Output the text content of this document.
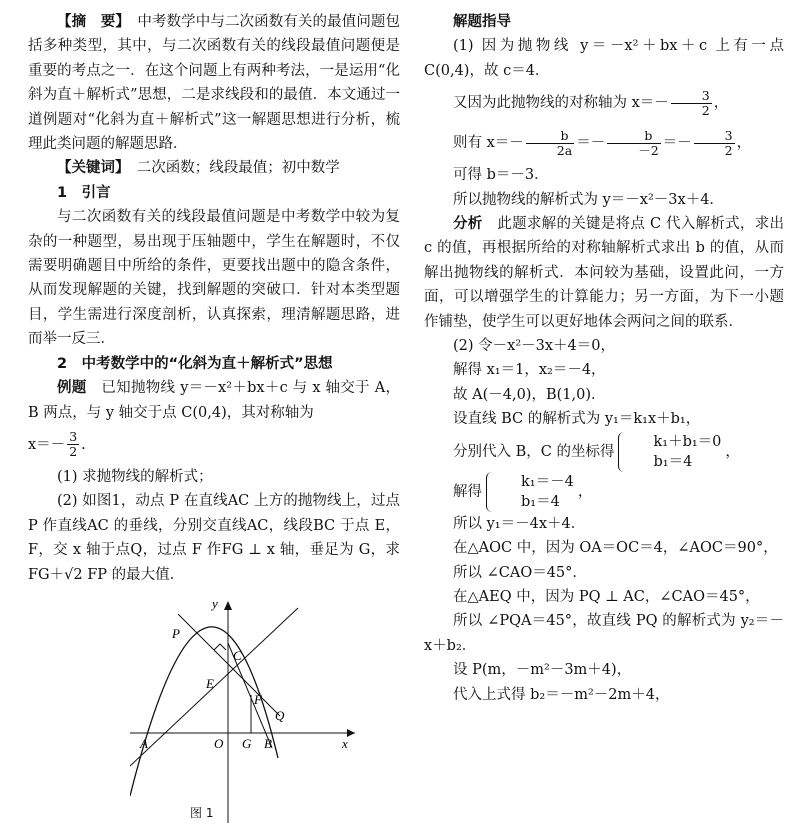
【摘　要】　 中考数学中与二次函数有关的最值问题包括多种类型，其中，与二次函数有关的线段最值问题便是重要的考点之一．在这个问题上有两种考法，一是运用“化斜为直＋解析式”思想，二是求线段和的最值．本文通过一道例题对“化斜为直＋解析式”这一解题思想进行分析，梳理此类问题的解题思路．

【关键词】　 二次函数；线段最值；初中数学

1　引言

与二次函数有关的线段最值问题是中考数学中较为复杂的一种题型，易出现于压轴题中，学生在解题时，不仅需要明确题目中所给的条件，更要找出题中的隐含条件，从而发现解题的关键，找到解题的突破口．针对本类型题目，学生需进行深度剖析，认真探索，理清解题思路，进而举一反三．

2　中考数学中的“化斜为直＋解析式”思想

例题　 已知抛物线 y＝－x²＋bx＋c 与 x 轴交于 A，B 两点，与 y 轴交于点 C(0,4)，其对称轴为

$x=- \frac{3}{2}$ .

(1) 求抛物线的解析式；

(2) 如图1，动点 P 在直线AC 上方的抛物线上，过点 P 作直线AC 的垂线，分别交直线AC，线段BC 于点 E，F，交 x 轴于点Q，过点 F 作FG ⊥ x 轴，垂足为 G，求 FG＋√2 FP 的最大值．

y
x
P
C
E
F
Q
A	O G B
图 1

解题指导

(1) 因为抛物线 y＝－x²＋bx＋c 上有一点 C(0,4)，故 c＝4．

又因为此抛物线的对称轴为 $x=- \frac{3}{2}$ ，

则有 $x=- \frac{b}{2a} =- \frac{b}{-2} =- \frac{3}{2}$ ，

可得 b＝－3．

所以抛物线的解析式为 y＝－x²－3x＋4．

分析　 此题求解的关键是将点 C 代入解析式，求出 c 的值，再根据所给的对称轴解析式求出 b 的值，从而解出抛物线的解析式．本问较为基础，设置此问，一方面，可以增强学生的计算能力；另一方面，为下一小题作铺垫，使学生可以更好地体会两问之间的联系．

(2) 令－x²－3x＋4＝0，

解得 x₁＝1，x₂＝－4，

故 A(－4,0)，B(1,0)．

设直线 BC 的解析式为 y₁＝k₁x＋b₁，

分别代入 B，C 的坐标得
k₁＋b₁＝0
b₁＝4
，

解得
k₁＝－4
b₁＝4
，

所以 y₁＝－4x＋4．

在△AOC 中，因为 OA＝OC＝4，∠AOC＝90°，

所以 ∠CAO＝45°．

在△AEQ 中，因为 PQ ⊥ AC，∠CAO＝45°，

所以 ∠PQA＝45°，故直线 PQ 的解析式为 y₂＝－x＋b₂．

设 P(m，－m²－3m＋4)，

代入上式得 b₂＝－m²－2m＋4，
